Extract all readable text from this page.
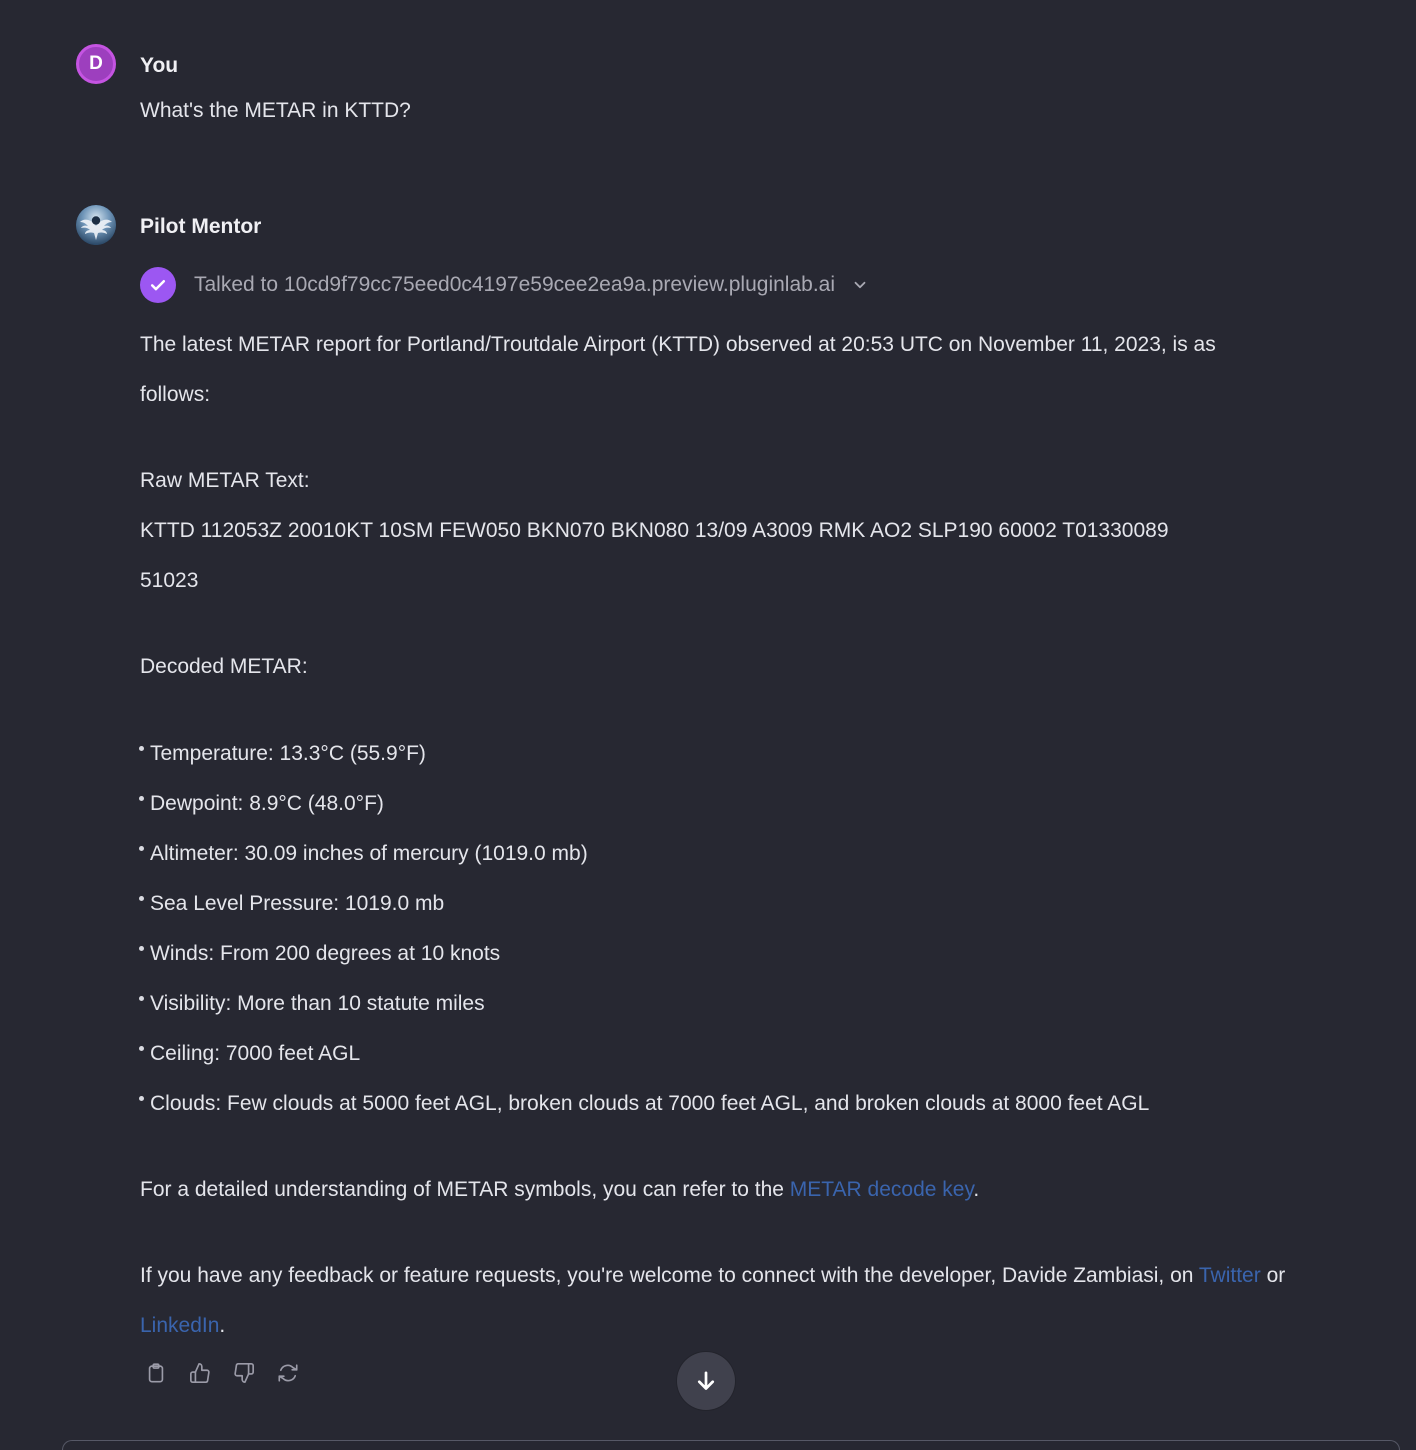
D You
What's the METAR in KTTD?
Pilot Mentor
Talked to 10cd9f79cc75eed0c4197e59cee2ea9a.preview.pluginlab.ai
The latest METAR report for Portland/Troutdale Airport (KTTD) observed at 20:53 UTC on November 11, 2023, is as follows:
Raw METAR Text:
KTTD 112053Z 20010KT 10SM FEW050 BKN070 BKN080 13/09 A3009 RMK AO2 SLP190 60002 T01330089 51023
Decoded METAR:
Temperature: 13.3°C (55.9°F)
Dewpoint: 8.9°C (48.0°F)
Altimeter: 30.09 inches of mercury (1019.0 mb)
Sea Level Pressure: 1019.0 mb
Winds: From 200 degrees at 10 knots
Visibility: More than 10 statute miles
Ceiling: 7000 feet AGL
Clouds: Few clouds at 5000 feet AGL, broken clouds at 7000 feet AGL, and broken clouds at 8000 feet AGL
For a detailed understanding of METAR symbols, you can refer to the METAR decode key.
If you have any feedback or feature requests, you're welcome to connect with the developer, Davide Zambiasi, on Twitter or LinkedIn.
